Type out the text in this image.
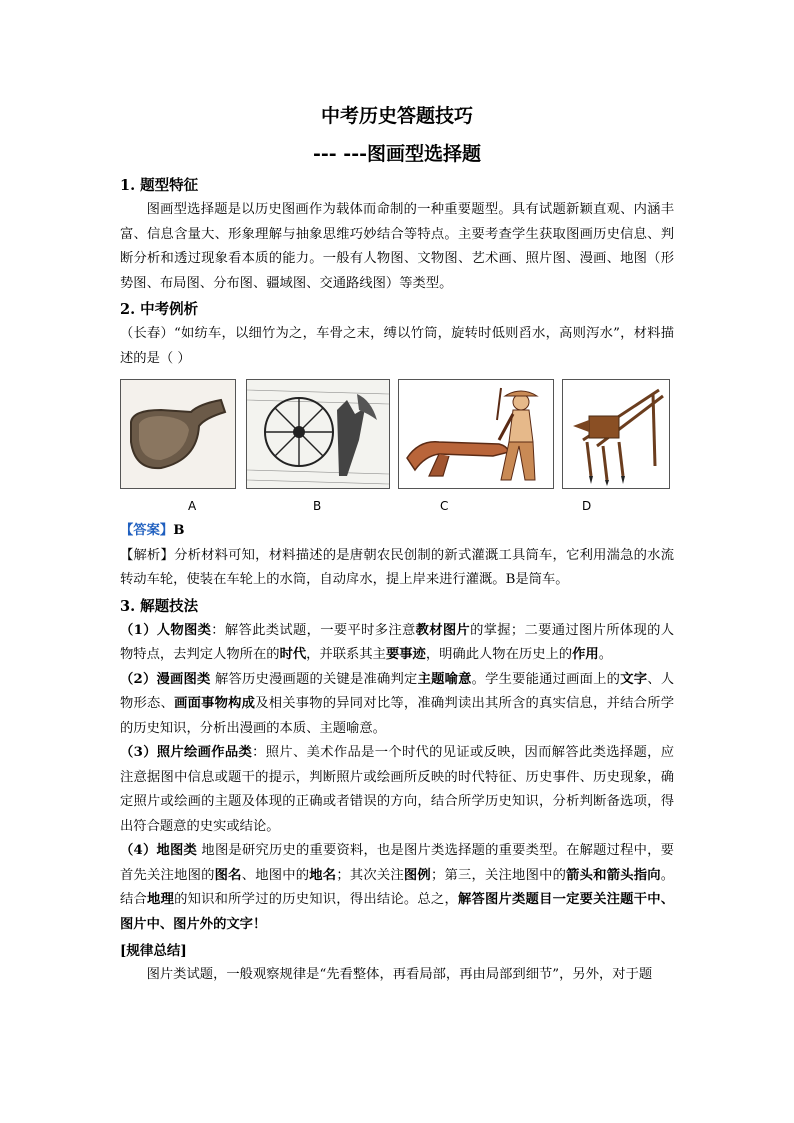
中考历史答题技巧
--- ---图画型选择题
1. 题型特征

图画型选择题是以历史图画作为载体而命制的一种重要题型。具有试题新颖直观、内涵丰富、信息含量大、形象理解与抽象思维巧妙结合等特点。主要考查学生获取图画历史信息、判断分析和透过现象看本质的能力。一般有人物图、文物图、艺术画、照片图、漫画、地图（形势图、布局图、分布图、疆域图、交通路线图）等类型。

2. 中考例析

（长春）“如纺车，以细竹为之，车骨之末，缚以竹筒，旋转时低则舀水，高则泻水”，材料描述的是（ ）

A	B	C	D

【答案】B

【解析】分析材料可知，材料描述的是唐朝农民创制的新式灌溉工具筒车，它利用湍急的水流转动车轮，使装在车轮上的水筒，自动戽水，提上岸来进行灌溉。B是筒车。

3. 解题技法

（1）人物图类：解答此类试题，一要平时多注意教材图片的掌握；二要通过图片所体现的人物特点，去判定人物所在的时代，并联系其主要事迹，明确此人物在历史上的作用。

（2）漫画图类 解答历史漫画题的关键是准确判定主题喻意。学生要能通过画面上的文字、人物形态、画面事物构成及相关事物的异同对比等，准确判读出其所含的真实信息，并结合所学的历史知识，分析出漫画的本质、主题喻意。

（3）照片绘画作品类：照片、美术作品是一个时代的见证或反映，因而解答此类选择题，应注意据图中信息或题干的提示，判断照片或绘画所反映的时代特征、历史事件、历史现象，确定照片或绘画的主题及体现的正确或者错误的方向，结合所学历史知识，分析判断备选项，得出符合题意的史实或结论。

（4）地图类 地图是研究历史的重要资料，也是图片类选择题的重要类型。在解题过程中，要首先关注地图的图名、地图中的地名；其次关注图例；第三，关注地图中的箭头和箭头指向。结合地理的知识和所学过的历史知识，得出结论。总之，解答图片类题目一定要关注题干中、图片中、图片外的文字！

[规律总结]

图片类试题，一般观察规律是“先看整体，再看局部，再由局部到细节”，另外，对于题
